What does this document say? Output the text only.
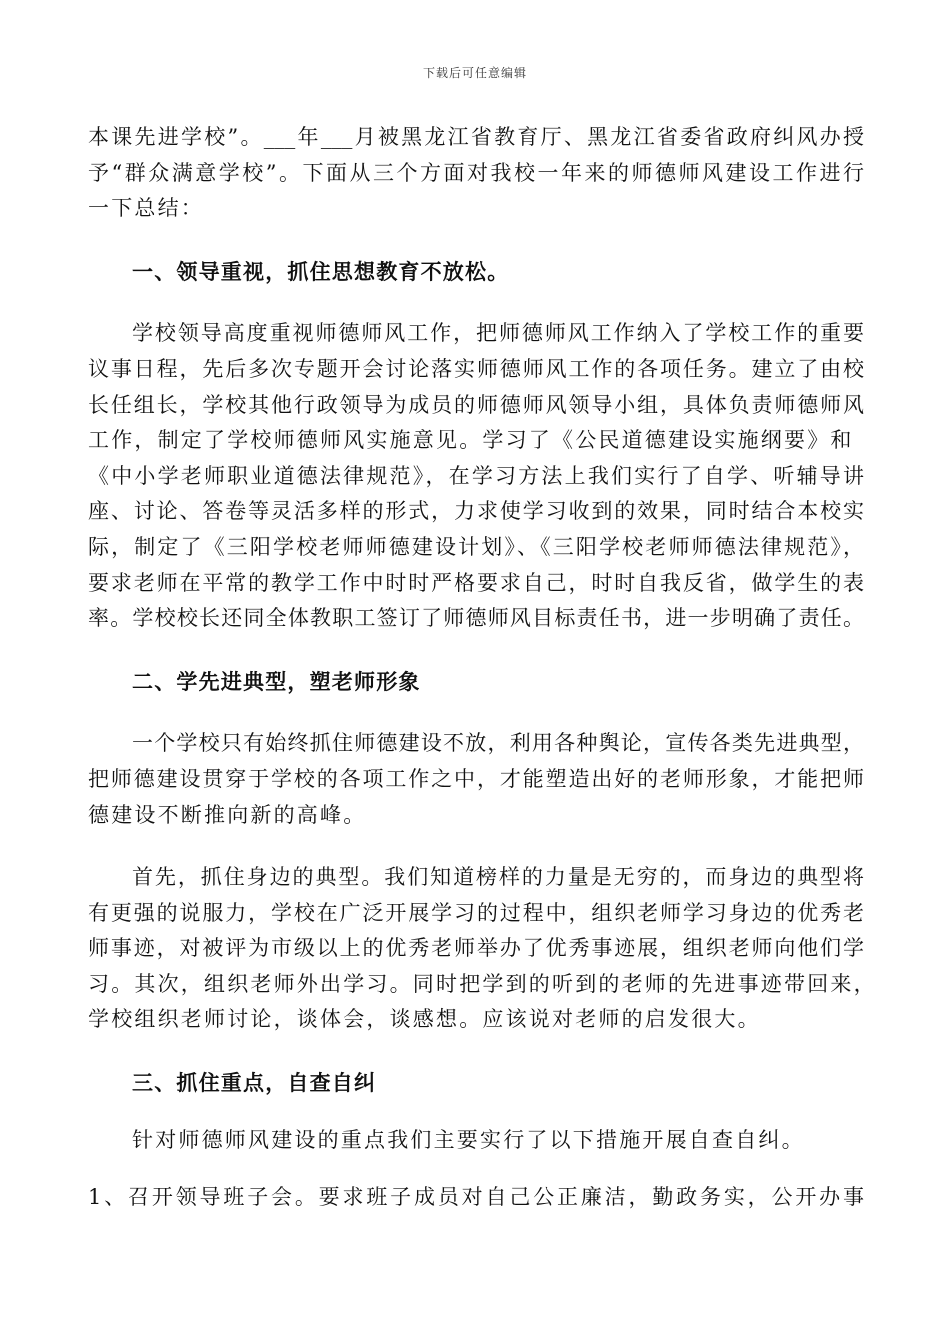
下载后可任意编辑
本课先进学校”。___年___月被黑龙江省教育厅、黑龙江省委省政府纠风办授
予“群众满意学校”。下面从三个方面对我校一年来的师德师风建设工作进行
一下总结：
一、领导重视，抓住思想教育不放松。
学校领导高度重视师德师风工作，把师德师风工作纳入了学校工作的重要
议事日程，先后多次专题开会讨论落实师德师风工作的各项任务。建立了由校
长任组长，学校其他行政领导为成员的师德师风领导小组，具体负责师德师风
工作，制定了学校师德师风实施意见。学习了《公民道德建设实施纲要》和
《中小学老师职业道德法律规范》，在学习方法上我们实行了自学、听辅导讲
座、讨论、答卷等灵活多样的形式，力求使学习收到的效果，同时结合本校实
际，制定了《三阳学校老师师德建设计划》、《三阳学校老师师德法律规范》，
要求老师在平常的教学工作中时时严格要求自己，时时自我反省，做学生的表
率。学校校长还同全体教职工签订了师德师风目标责任书，进一步明确了责任。
二、学先进典型，塑老师形象
一个学校只有始终抓住师德建设不放，利用各种舆论，宣传各类先进典型，
把师德建设贯穿于学校的各项工作之中，才能塑造出好的老师形象，才能把师
德建设不断推向新的高峰。
首先，抓住身边的典型。我们知道榜样的力量是无穷的，而身边的典型将
有更强的说服力，学校在广泛开展学习的过程中，组织老师学习身边的优秀老
师事迹，对被评为市级以上的优秀老师举办了优秀事迹展，组织老师向他们学
习。其次，组织老师外出学习。同时把学到的听到的老师的先进事迹带回来，
学校组织老师讨论，谈体会，谈感想。应该说对老师的启发很大。
三、抓住重点，自查自纠
针对师德师风建设的重点我们主要实行了以下措施开展自查自纠。
1、召开领导班子会。要求班子成员对自己公正廉洁，勤政务实，公开办事
